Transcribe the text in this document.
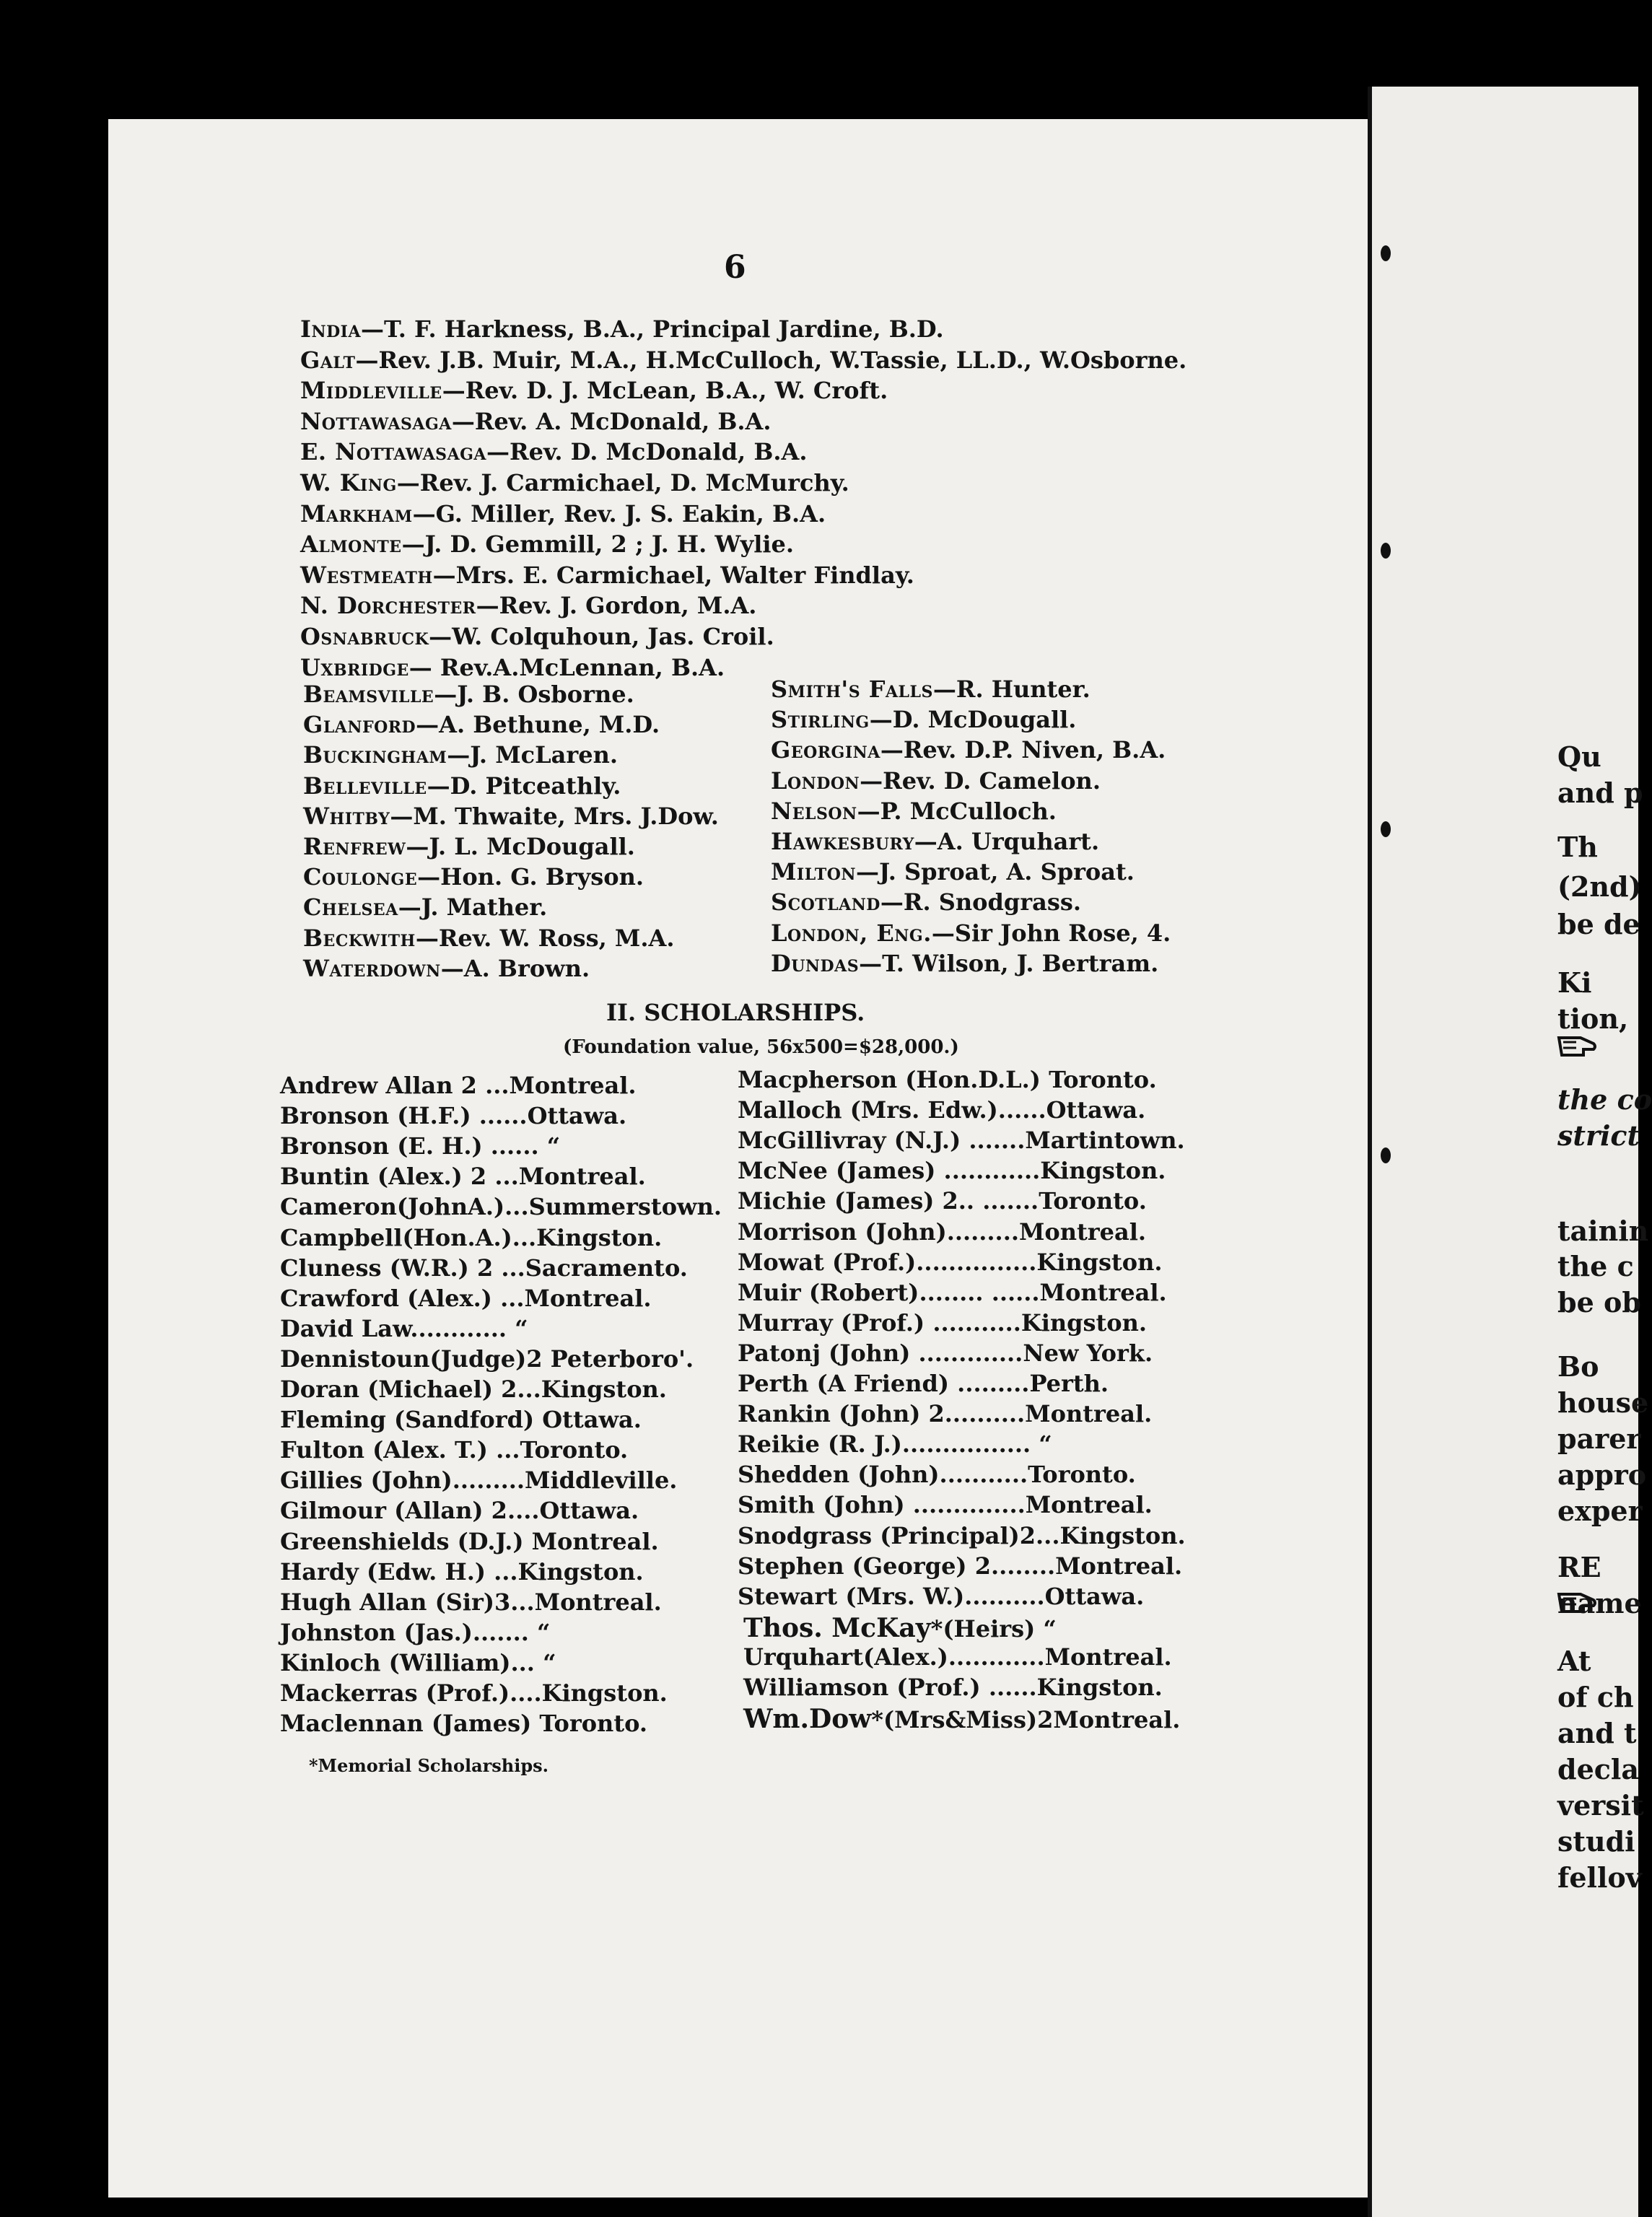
6
India—T. F. Harkness, B.A., Principal Jardine, B.D.
Galt—Rev. J.B. Muir, M.A., H.McCulloch, W.Tassie, LL.D., W.Osborne.
Middleville—Rev. D. J. McLean, B.A., W. Croft.
Nottawasaga—Rev. A. McDonald, B.A.
E. Nottawasaga—Rev. D. McDonald, B.A.
W. King—Rev. J. Carmichael, D. McMurchy.
Markham—G. Miller, Rev. J. S. Eakin, B.A.
Almonte—J. D. Gemmill, 2 ; J. H. Wylie.
Westmeath—Mrs. E. Carmichael, Walter Findlay.
N. Dorchester—Rev. J. Gordon, M.A.
Osnabruck—W. Colquhoun, Jas. Croil.
Uxbridge— Rev.A.McLennan, B.A.
Beamsville—J. B. Osborne.
Glanford—A. Bethune, M.D.
Buckingham—J. McLaren.
Belleville—D. Pitceathly.
Whitby—M. Thwaite, Mrs. J.Dow.
Renfrew—J. L. McDougall.
Coulonge—Hon. G. Bryson.
Chelsea—J. Mather.
Beckwith—Rev. W. Ross, M.A.
Waterdown—A. Brown.
Smith's Falls—R. Hunter.
Stirling—D. McDougall.
Georgina—Rev. D.P. Niven, B.A.
London—Rev. D. Camelon.
Nelson—P. McCulloch.
Hawkesbury—A. Urquhart.
Milton—J. Sproat, A. Sproat.
Scotland—R. Snodgrass.
London, Eng.—Sir John Rose, 4.
Dundas—T. Wilson, J. Bertram.
II. SCHOLARSHIPS.
(Foundation value, 56x500=$28,000.)
Andrew Allan 2 ...Montreal.
Bronson (H.F.) ......Ottawa.
Bronson (E. H.) ...... “
Buntin (Alex.) 2 ...Montreal.
Cameron(JohnA.)...Summerstown.
Campbell(Hon.A.)...Kingston.
Cluness (W.R.) 2 ...Sacramento.
Crawford (Alex.) ...Montreal.
David Law............ “
Dennistoun(Judge)2 Peterboro'.
Doran (Michael) 2...Kingston.
Fleming (Sandford) Ottawa.
Fulton (Alex. T.) ...Toronto.
Gillies (John).........Middleville.
Gilmour (Allan) 2....Ottawa.
Greenshields (D.J.) Montreal.
Hardy (Edw. H.) ...Kingston.
Hugh Allan (Sir)3...Montreal.
Johnston (Jas.)....... “
Kinloch (William)... “
Mackerras (Prof.)....Kingston.
Maclennan (James) Toronto.
Macpherson (Hon.D.L.) Toronto.
Malloch (Mrs. Edw.)......Ottawa.
McGillivray (N.J.) .......Martintown.
McNee (James) ............Kingston.
Michie (James) 2.. .......Toronto.
Morrison (John).........Montreal.
Mowat (Prof.)...............Kingston.
Muir (Robert)........ ......Montreal.
Murray (Prof.) ...........Kingston.
Patonj (John) .............New York.
Perth (A Friend) .........Perth.
Rankin (John) 2..........Montreal.
Reikie (R. J.)................ “
Shedden (John)...........Toronto.
Smith (John) ..............Montreal.
Snodgrass (Principal)2...Kingston.
Stephen (George) 2........Montreal.
Stewart (Mrs. W.)..........Ottawa.
Thos. McKay*(Heirs) “
Urquhart(Alex.)............Montreal.
Williamson (Prof.) ......Kingston.
Wm.Dow*(Mrs&Miss)2Montreal.
*Memorial Scholarships.
Qu
and p
Th
(2nd)
be de
Ki
tion,
the co
strict
tainin
the c
be ob
Bo
house
parer
appro
exper
RE
name
At
of ch
and t
decla
versit
studi
fellov
